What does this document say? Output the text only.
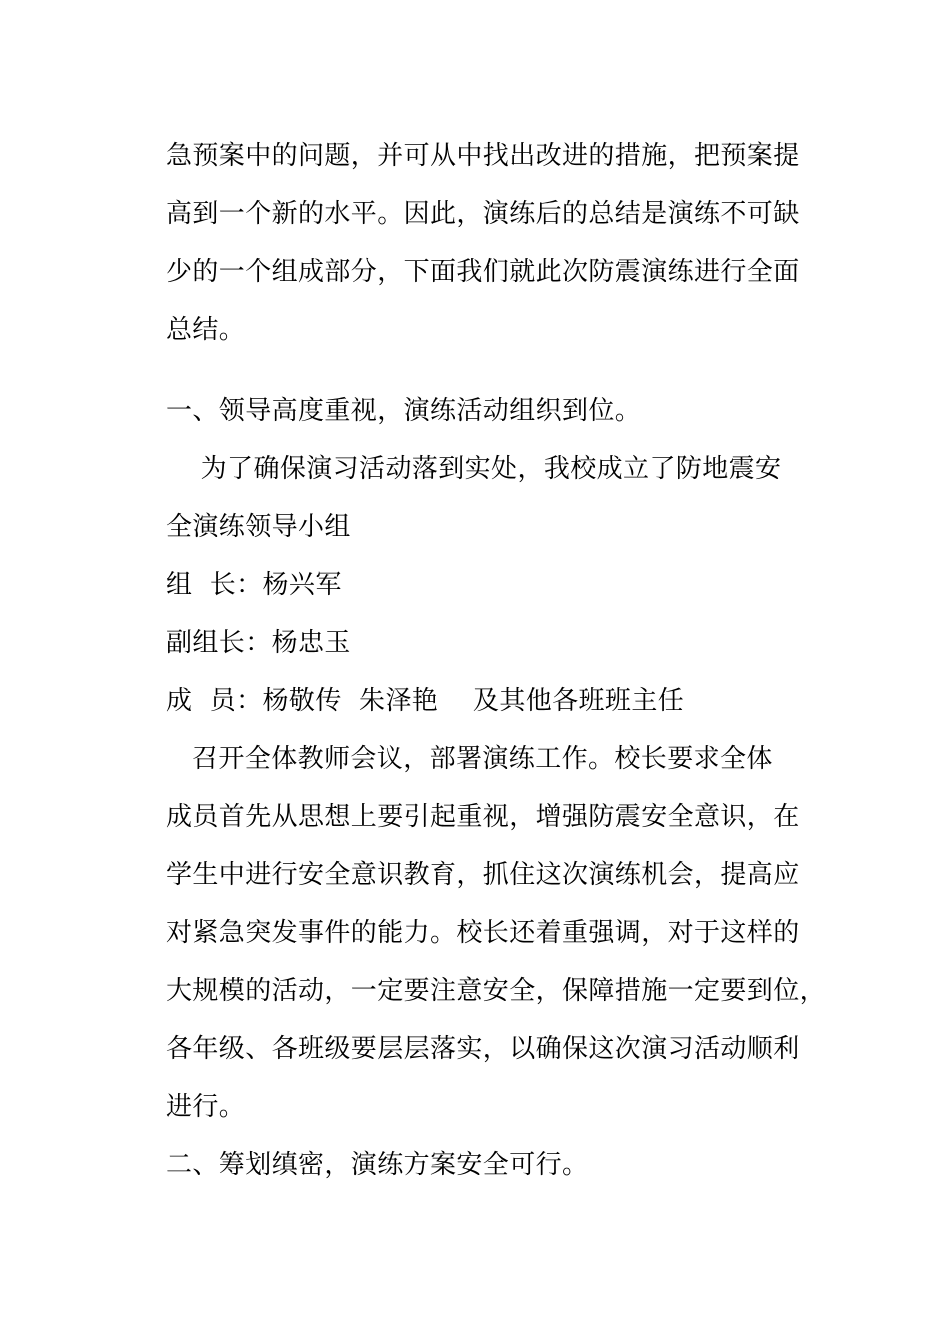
急预案中的问题，并可从中找出改进的措施，把预案提
高到一个新的水平。因此，演练后的总结是演练不可缺
少的一个组成部分，下面我们就此次防震演练进行全面
总结。
一、领导高度重视，演练活动组织到位。
为了确保演习活动落到实处，我校成立了防地震安
全演练领导小组
组  长：杨兴军
副组长：杨忠玉
成  员：杨敬传  朱泽艳    及其他各班班主任
召开全体教师会议，部署演练工作。校长要求全体
成员首先从思想上要引起重视，增强防震安全意识，在
学生中进行安全意识教育，抓住这次演练机会，提高应
对紧急突发事件的能力。校长还着重强调，对于这样的
大规模的活动，一定要注意安全，保障措施一定要到位，
各年级、各班级要层层落实，以确保这次演习活动顺利
进行。
二、筹划缜密，演练方案安全可行。
